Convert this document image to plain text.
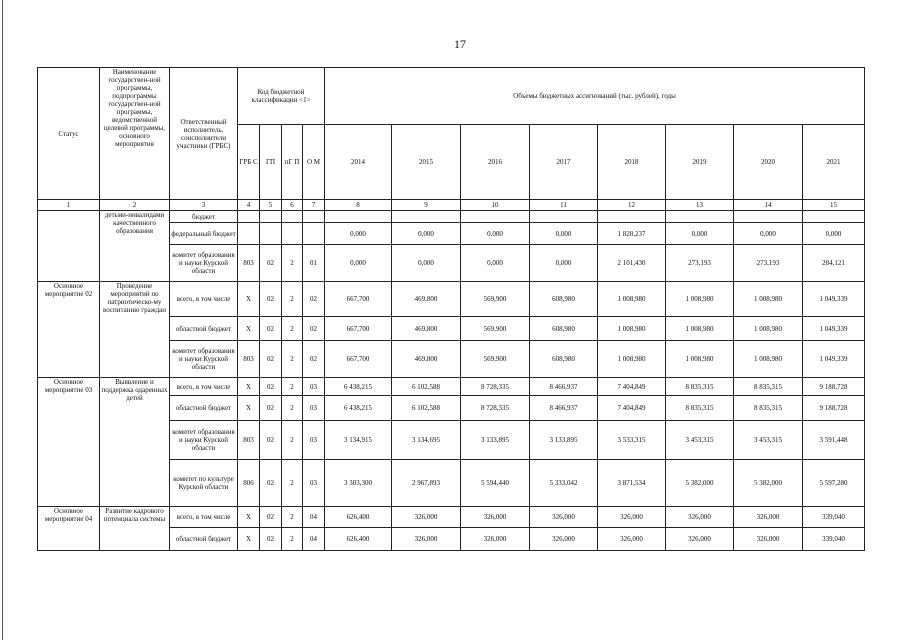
17
Статус	Наименование государствен-ной программы, подпрограммы государствен-ной программы, ведомственной целевой программы, основного мероприятия	Ответственный исполнитель, соисполнители участники (ГРБС)	Код бюджетной классификации <1>				Объемы бюджетных ассигнований (тыс. рублей), годы							
			ГРБ С	ГП	пГ П	О М	2014	2015	2016	2017	2018	2019	2020	2021
1	2	3	4	5	6	7	8	9	10	11	12	13	14	15
	детьми-инвалидами качественного образования	бюджет												
		федеральный бюджет					0,000	0,000	0,000	0,000	1 828,237	0,000	0,000	0,000
		комитет образования и науки Курской области	803	02	2	01	0,000	0,000	0,000	0,000	2 101,430	273,193	273,193	284,121
Основное мероприятие 02	Проведение мероприятий по патриотическо-му воспитанию граждан	всего, в том числе	Х	02	2	02	667,700	469,800	569,900	608,980	1 008,980	1 008,980	1 008,980	1 049,339
		областной бюджет	Х	02	2	02	667,700	469,800	569,900	608,980	1 008,980	1 008,980	1 008,980	1 049,339
		комитет образования и науки Курской области	803	02	2	02	667,700	469,800	569,900	608,980	1 008,980	1 008,980	1 008,980	1 049,339
Основное мероприятие 03	Выявление и поддержка одаренных детей	всего, в том числе	Х	02	2	03	6 438,215	6 102,588	8 728,335	8 466,937	7 404,849	8 835,315	8 835,315	9 188,728
		областной бюджет	Х	02	2	03	6 438,215	6 102,588	8 728,335	8 466,937	7 404,849	8 835,315	8 835,315	9 188,728
		комитет образования и науки Курской области	803	02	2	03	3 134,915	3 134,695	3 133,895	3 133,895	3 533,315	3 453,315	3 453,315	3 591,448
		комитет по культуре Курской области	806	02	2	03	3 303,300	2 967,893	5 594,440	5 333,042	3 871,534	5 382,000	5 382,000	5 597,280
Основное мероприятие 04	Развитие кадрового потенциала системы	всего, в том числе	Х	02	2	04	626,400	326,000	326,000	326,000	326,000	326,000	326,000	339,040
		областной бюджет	Х	02	2	04	626,400	326,000	326,000	326,000	326,000	326,000	326,000	339,040
